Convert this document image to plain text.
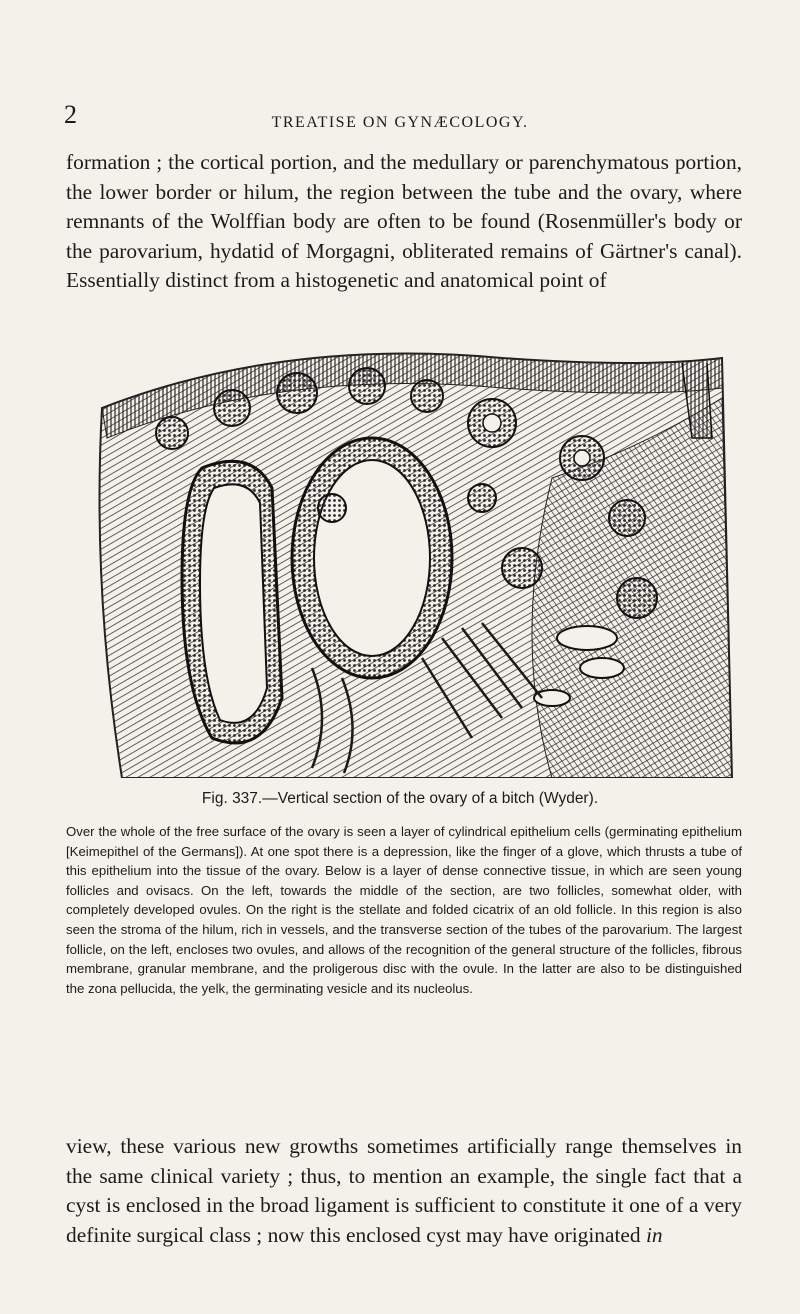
2	TREATISE ON GYNÆCOLOGY.

formation ; the cortical portion, and the medullary or parenchymatous portion, the lower border or hilum, the region between the tube and the ovary, where remnants of the Wolffian body are often to be found (Rosenmüller's body or the parovarium, hydatid of Morgagni, obliterated remains of Gärtner's canal). Essentially distinct from a histogenetic and anatomical point of

Fig. 337.—Vertical section of the ovary of a bitch (Wyder).

Over the whole of the free surface of the ovary is seen a layer of cylindrical epithelium cells (germinating epithelium [Keimepithel of the Germans]). At one spot there is a depression, like the finger of a glove, which thrusts a tube of this epithelium into the tissue of the ovary. Below is a layer of dense connective tissue, in which are seen young follicles and ovisacs. On the left, towards the middle of the section, are two follicles, somewhat older, with completely developed ovules. On the right is the stellate and folded cicatrix of an old follicle. In this region is also seen the stroma of the hilum, rich in vessels, and the transverse section of the tubes of the parovarium. The largest follicle, on the left, encloses two ovules, and allows of the recognition of the general structure of the follicles, fibrous membrane, granular membrane, and the proligerous disc with the ovule. In the latter are also to be distinguished the zona pellucida, the yelk, the germinating vesicle and its nucleolus.

view, these various new growths sometimes artificially range themselves in the same clinical variety ; thus, to mention an example, the single fact that a cyst is enclosed in the broad ligament is sufficient to constitute it one of a very definite surgical class ; now this enclosed cyst may have originated in
